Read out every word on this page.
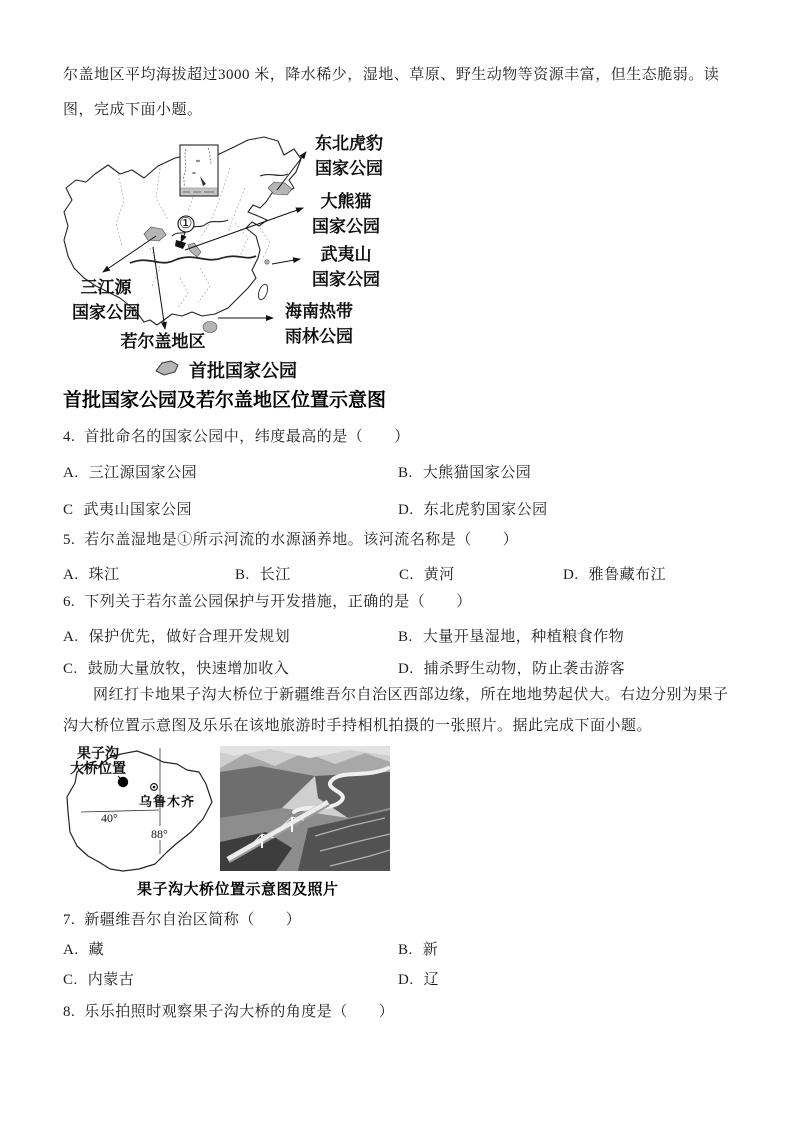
尔盖地区平均海拔超过3000 米，降水稀少，湿地、草原、野生动物等资源丰富，但生态脆弱。读图，完成下面小题。
①
东北虎豹
国家公园
大熊猫
国家公园
武夷山
国家公园
海南热带
雨林公园
三江源
国家公园
若尔盖地区
首批国家公园
首批国家公园及若尔盖地区位置示意图
4. 首批命名的国家公园中，纬度最高的是（　　）
A. 三江源国家公园	B. 大熊猫国家公园
C 武夷山国家公园	D. 东北虎豹国家公园
5. 若尔盖湿地是①所示河流的水源涵养地。该河流名称是（　　）
A. 珠江	B. 长江	C. 黄河	D. 雅鲁藏布江
6. 下列关于若尔盖公园保护与开发措施，正确的是（　　）
A. 保护优先，做好合理开发规划	B. 大量开垦湿地，种植粮食作物
C. 鼓励大量放牧，快速增加收入	D. 捕杀野生动物，防止袭击游客
网红打卡地果子沟大桥位于新疆维吾尔自治区西部边缘，所在地地势起伏大。右边分别为果子沟大桥位置示意图及乐乐在该地旅游时手持相机拍摄的一张照片。据此完成下面小题。
40°
88°
果子沟
大桥位置
乌鲁木齐
果子沟大桥位置示意图及照片
7. 新疆维吾尔自治区简称（　　）
A. 藏	B. 新
C. 内蒙古	D. 辽
8. 乐乐拍照时观察果子沟大桥的角度是（　　）
